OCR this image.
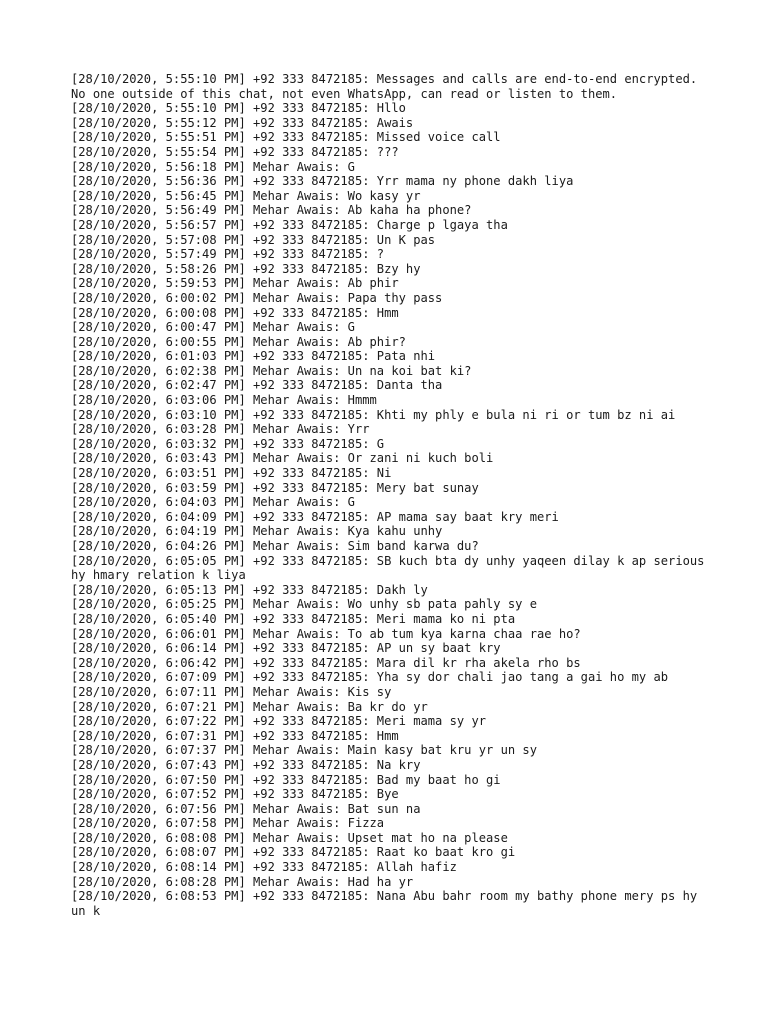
[28/10/2020, 5:55:10 PM] +92 333 8472185: Messages and calls are end-to-end encrypted. No one outside of this chat, not even WhatsApp, can read or listen to them.
[28/10/2020, 5:55:10 PM] +92 333 8472185: Hllo
[28/10/2020, 5:55:12 PM] +92 333 8472185: Awais
[28/10/2020, 5:55:51 PM] +92 333 8472185: Missed voice call
[28/10/2020, 5:55:54 PM] +92 333 8472185: ???
[28/10/2020, 5:56:18 PM] Mehar Awais: G
[28/10/2020, 5:56:36 PM] +92 333 8472185: Yrr mama ny phone dakh liya
[28/10/2020, 5:56:45 PM] Mehar Awais: Wo kasy yr
[28/10/2020, 5:56:49 PM] Mehar Awais: Ab kaha ha phone?
[28/10/2020, 5:56:57 PM] +92 333 8472185: Charge p lgaya tha
[28/10/2020, 5:57:08 PM] +92 333 8472185: Un K pas
[28/10/2020, 5:57:49 PM] +92 333 8472185: ?
[28/10/2020, 5:58:26 PM] +92 333 8472185: Bzy hy
[28/10/2020, 5:59:53 PM] Mehar Awais: Ab phir
[28/10/2020, 6:00:02 PM] Mehar Awais: Papa thy pass
[28/10/2020, 6:00:08 PM] +92 333 8472185: Hmm
[28/10/2020, 6:00:47 PM] Mehar Awais: G
[28/10/2020, 6:00:55 PM] Mehar Awais: Ab phir?
[28/10/2020, 6:01:03 PM] +92 333 8472185: Pata nhi
[28/10/2020, 6:02:38 PM] Mehar Awais: Un na koi bat ki?
[28/10/2020, 6:02:47 PM] +92 333 8472185: Danta tha
[28/10/2020, 6:03:06 PM] Mehar Awais: Hmmm
[28/10/2020, 6:03:10 PM] +92 333 8472185: Khti my phly e bula ni ri or tum bz ni ai
[28/10/2020, 6:03:28 PM] Mehar Awais: Yrr
[28/10/2020, 6:03:32 PM] +92 333 8472185: G
[28/10/2020, 6:03:43 PM] Mehar Awais: Or zani ni kuch boli
[28/10/2020, 6:03:51 PM] +92 333 8472185: Ni
[28/10/2020, 6:03:59 PM] +92 333 8472185: Mery bat sunay
[28/10/2020, 6:04:03 PM] Mehar Awais: G
[28/10/2020, 6:04:09 PM] +92 333 8472185: AP mama say baat kry meri
[28/10/2020, 6:04:19 PM] Mehar Awais: Kya kahu unhy
[28/10/2020, 6:04:26 PM] Mehar Awais: Sim band karwa du?
[28/10/2020, 6:05:05 PM] +92 333 8472185: SB kuch bta dy unhy yaqeen dilay k ap serious hy hmary relation k liya
[28/10/2020, 6:05:13 PM] +92 333 8472185: Dakh ly
[28/10/2020, 6:05:25 PM] Mehar Awais: Wo unhy sb pata pahly sy e
[28/10/2020, 6:05:40 PM] +92 333 8472185: Meri mama ko ni pta
[28/10/2020, 6:06:01 PM] Mehar Awais: To ab tum kya karna chaa rae ho?
[28/10/2020, 6:06:14 PM] +92 333 8472185: AP un sy baat kry
[28/10/2020, 6:06:42 PM] +92 333 8472185: Mara dil kr rha akela rho bs
[28/10/2020, 6:07:09 PM] +92 333 8472185: Yha sy dor chali jao tang a gai ho my ab
[28/10/2020, 6:07:11 PM] Mehar Awais: Kis sy
[28/10/2020, 6:07:21 PM] Mehar Awais: Ba kr do yr
[28/10/2020, 6:07:22 PM] +92 333 8472185: Meri mama sy yr
[28/10/2020, 6:07:31 PM] +92 333 8472185: Hmm
[28/10/2020, 6:07:37 PM] Mehar Awais: Main kasy bat kru yr un sy
[28/10/2020, 6:07:43 PM] +92 333 8472185: Na kry
[28/10/2020, 6:07:50 PM] +92 333 8472185: Bad my baat ho gi
[28/10/2020, 6:07:52 PM] +92 333 8472185: Bye
[28/10/2020, 6:07:56 PM] Mehar Awais: Bat sun na
[28/10/2020, 6:07:58 PM] Mehar Awais: Fizza
[28/10/2020, 6:08:08 PM] Mehar Awais: Upset mat ho na please
[28/10/2020, 6:08:07 PM] +92 333 8472185: Raat ko baat kro gi
[28/10/2020, 6:08:14 PM] +92 333 8472185: Allah hafiz
[28/10/2020, 6:08:28 PM] Mehar Awais: Had ha yr
[28/10/2020, 6:08:53 PM] +92 333 8472185: Nana Abu bahr room my bathy phone mery ps hy un k
